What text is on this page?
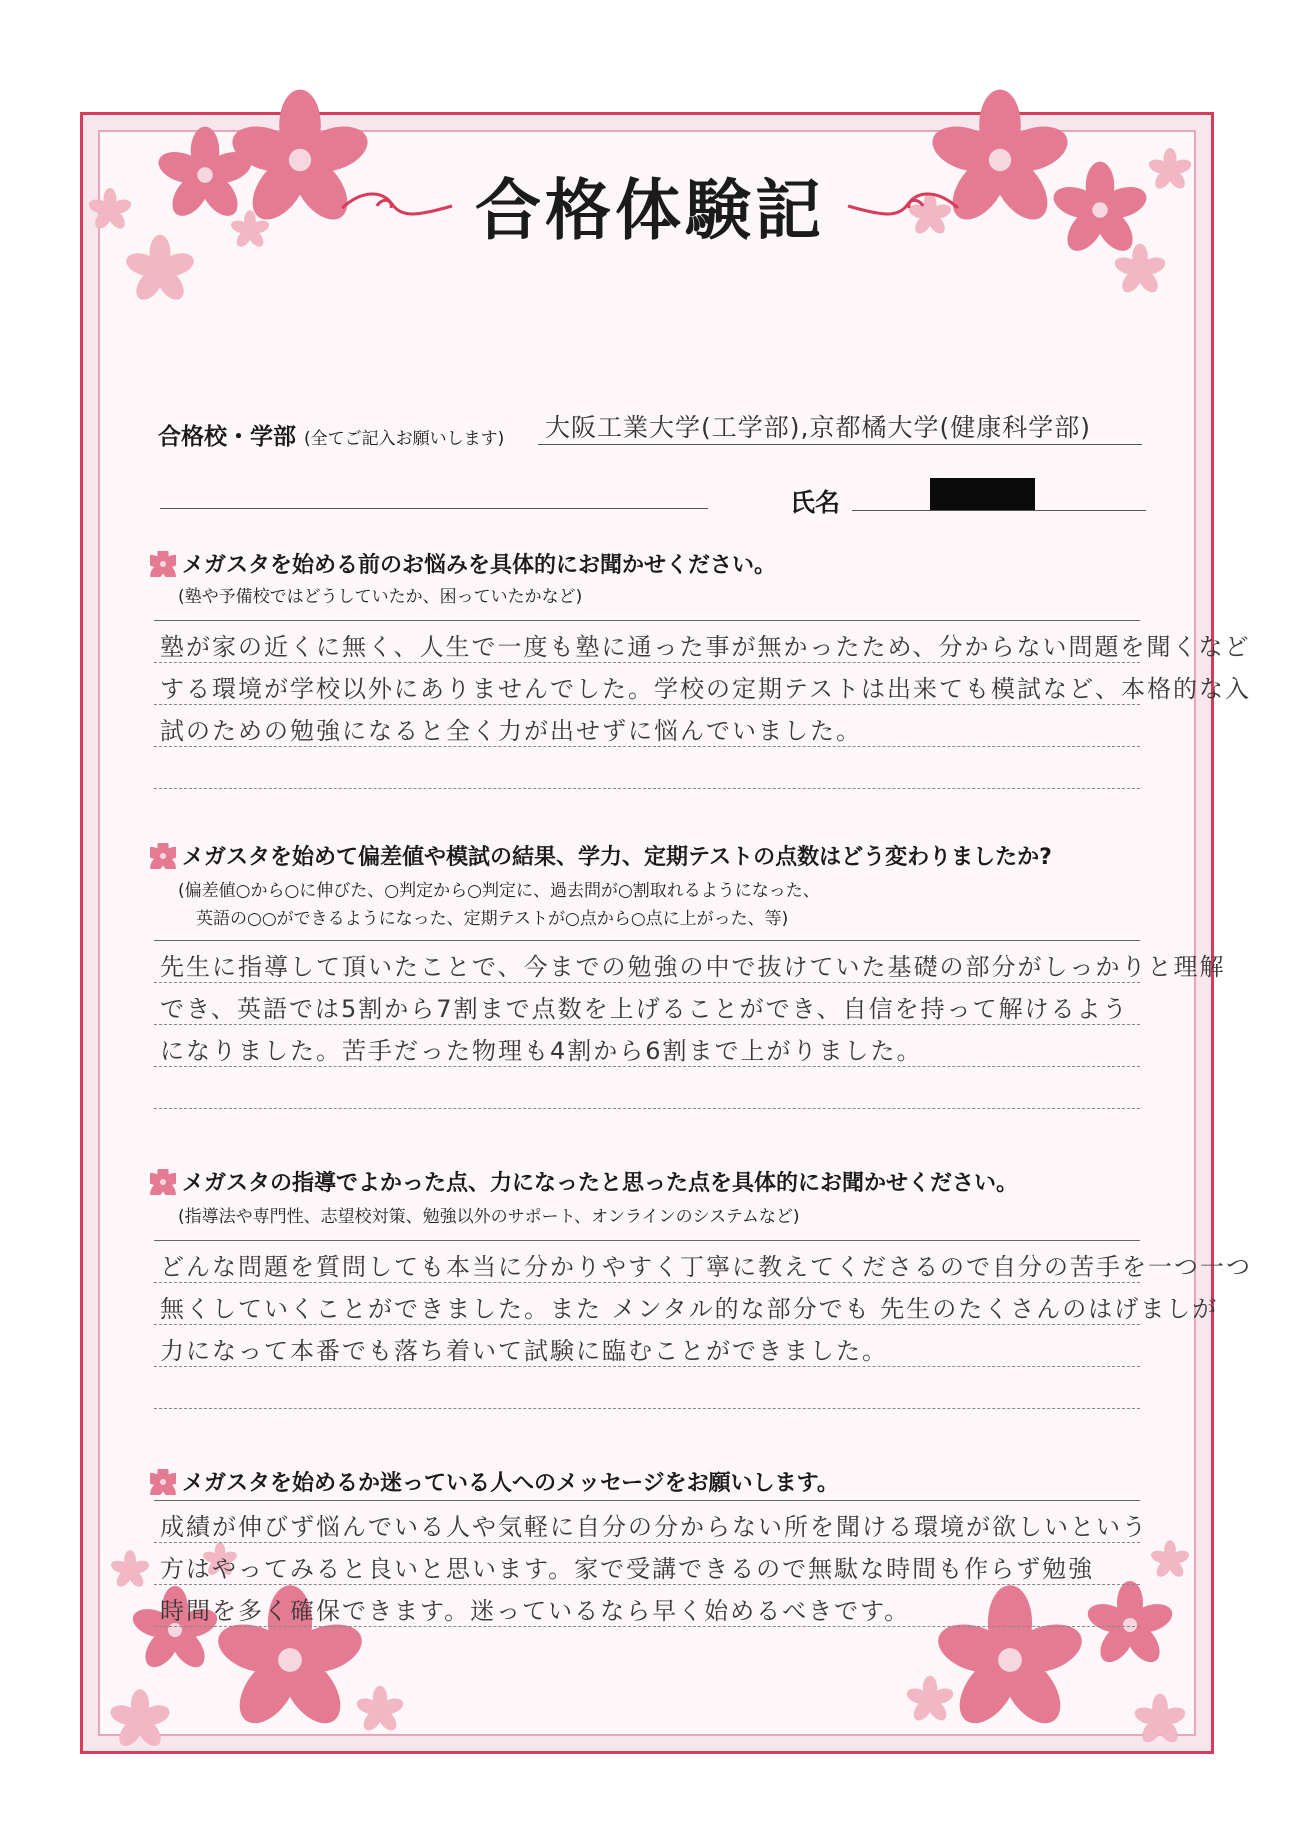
合格体験記
合格校・学部 (全てご記入お願いします) 大阪工業大学(工学部),京都橘大学(健康科学部)
氏名
メガスタを始める前のお悩みを具体的にお聞かせください。
(塾や予備校ではどうしていたか、困っていたかなど)
塾が家の近くに無く、人生で一度も塾に通った事が無かったため、分からない問題を聞くなど
する環境が学校以外にありませんでした。学校の定期テストは出来ても模試など、本格的な入
試のための勉強になると全く力が出せずに悩んでいました。
メガスタを始めて偏差値や模試の結果、学力、定期テストの点数はどう変わりましたか?
(偏差値○から○に伸びた、○判定から○判定に、過去問が○割取れるようになった、
英語の○○ができるようになった、定期テストが○点から○点に上がった、等)
先生に指導して頂いたことで、今までの勉強の中で抜けていた基礎の部分がしっかりと理解
でき、英語では5割から7割まで点数を上げることができ、自信を持って解けるよう
になりました。苦手だった物理も4割から6割まで上がりました。
メガスタの指導でよかった点、力になったと思った点を具体的にお聞かせください。
(指導法や専門性、志望校対策、勉強以外のサポート、オンラインのシステムなど)
どんな問題を質問しても本当に分かりやすく丁寧に教えてくださるので自分の苦手を一つ一つ
無くしていくことができました。また メンタル的な部分でも 先生のたくさんのはげましが
力になって本番でも落ち着いて試験に臨むことができました。
メガスタを始めるか迷っている人へのメッセージをお願いします。
成績が伸びず悩んでいる人や気軽に自分の分からない所を聞ける環境が欲しいという
方はやってみると良いと思います。家で受講できるので無駄な時間も作らず勉強
時間を多く確保できます。迷っているなら早く始めるべきです。
